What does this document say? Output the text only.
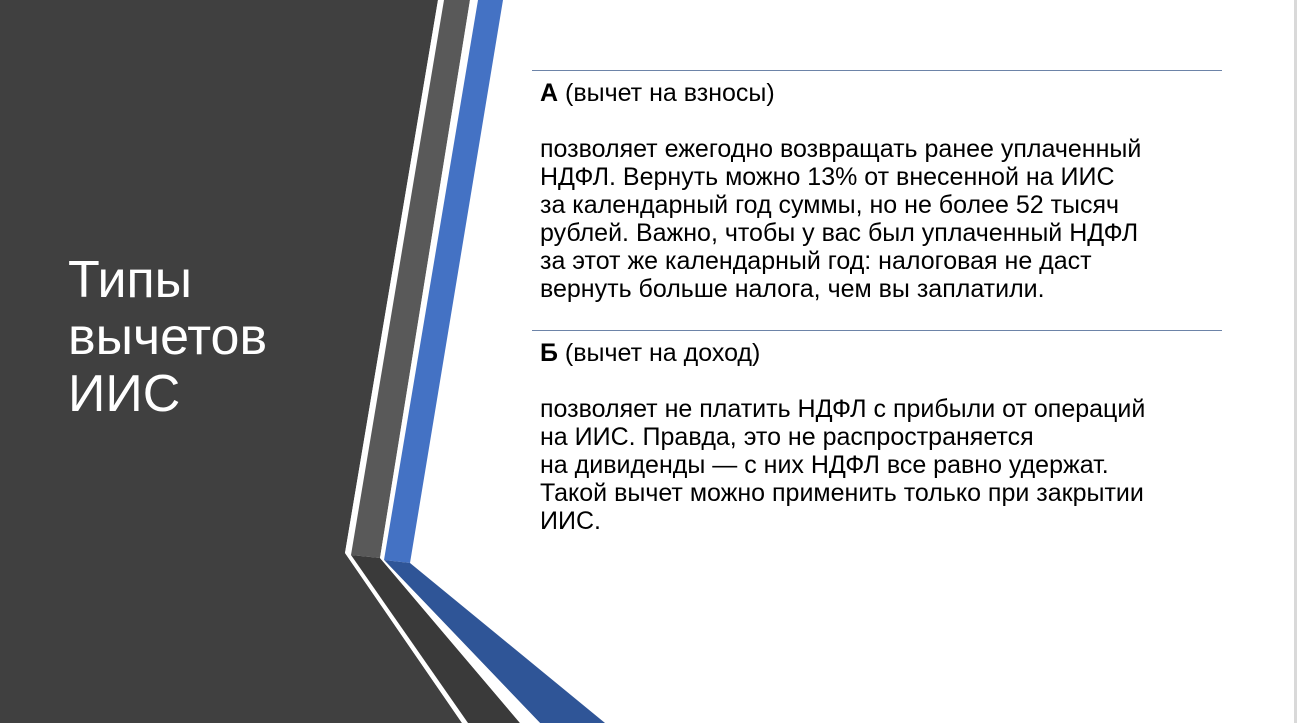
Типы
вычетов
ИИС

А (вычет на взносы)

позволяет ежегодно возвращать ранее уплаченный
НДФЛ. Вернуть можно 13% от внесенной на ИИС
за календарный год суммы, но не более 52 тысяч
рублей. Важно, чтобы у вас был уплаченный НДФЛ
за этот же календарный год: налоговая не даст
вернуть больше налога, чем вы заплатили.

Б (вычет на доход)

позволяет не платить НДФЛ с прибыли от операций
на ИИС. Правда, это не распространяется
на дивиденды — с них НДФЛ все равно удержат.
Такой вычет можно применить только при закрытии
ИИС.
